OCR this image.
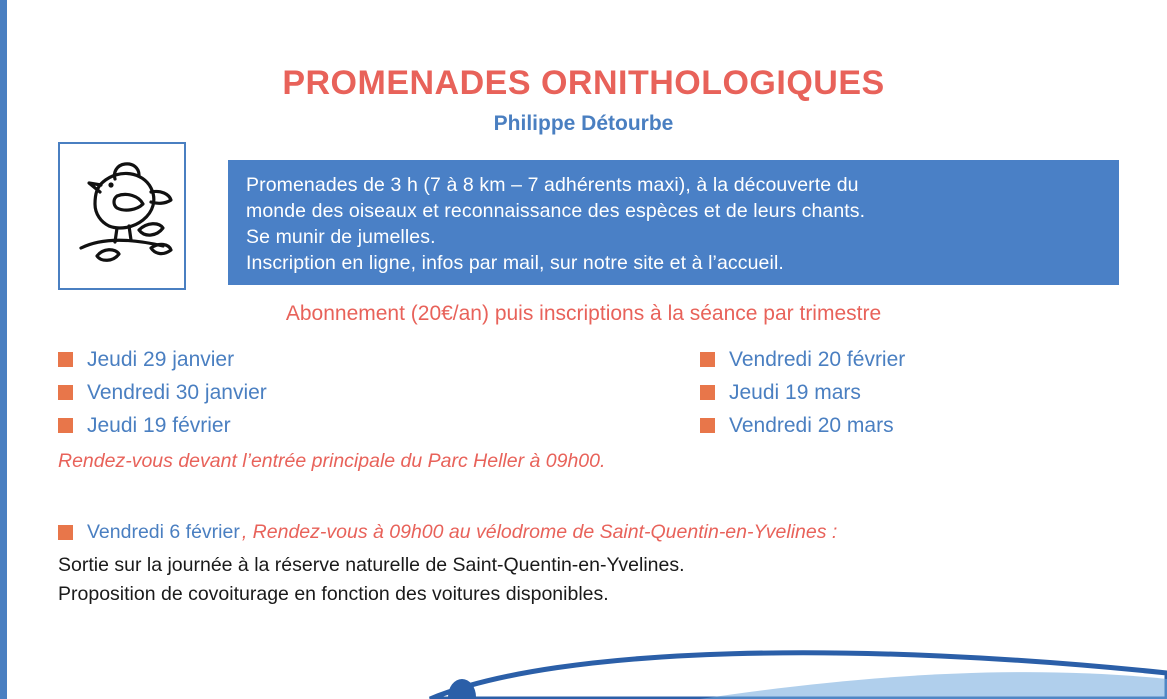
PROMENADES ORNITHOLOGIQUES
Philippe Détourbe

Promenades de 3 h (7 à 8 km – 7 adhérents maxi), à la découverte du

monde des oiseaux et reconnaissance des espèces et de leurs chants.

Se munir de jumelles.

Inscription en ligne, infos par mail, sur notre site et à l’accueil.

Abonnement (20€/an) puis inscriptions à la séance par trimestre
Jeudi 29 janvier
Vendredi 30 janvier
Jeudi 19 février
Vendredi 20 février
Jeudi 19 mars
Vendredi 20 mars
Rendez-vous devant l’entrée principale du Parc Heller à 09h00.
Vendredi 6 février , Rendez-vous à 09h00 au vélodrome de Saint-Quentin-en-Yvelines :

Sortie sur la journée à la réserve naturelle de Saint-Quentin-en-Yvelines.

Proposition de covoiturage en fonction des voitures disponibles.
